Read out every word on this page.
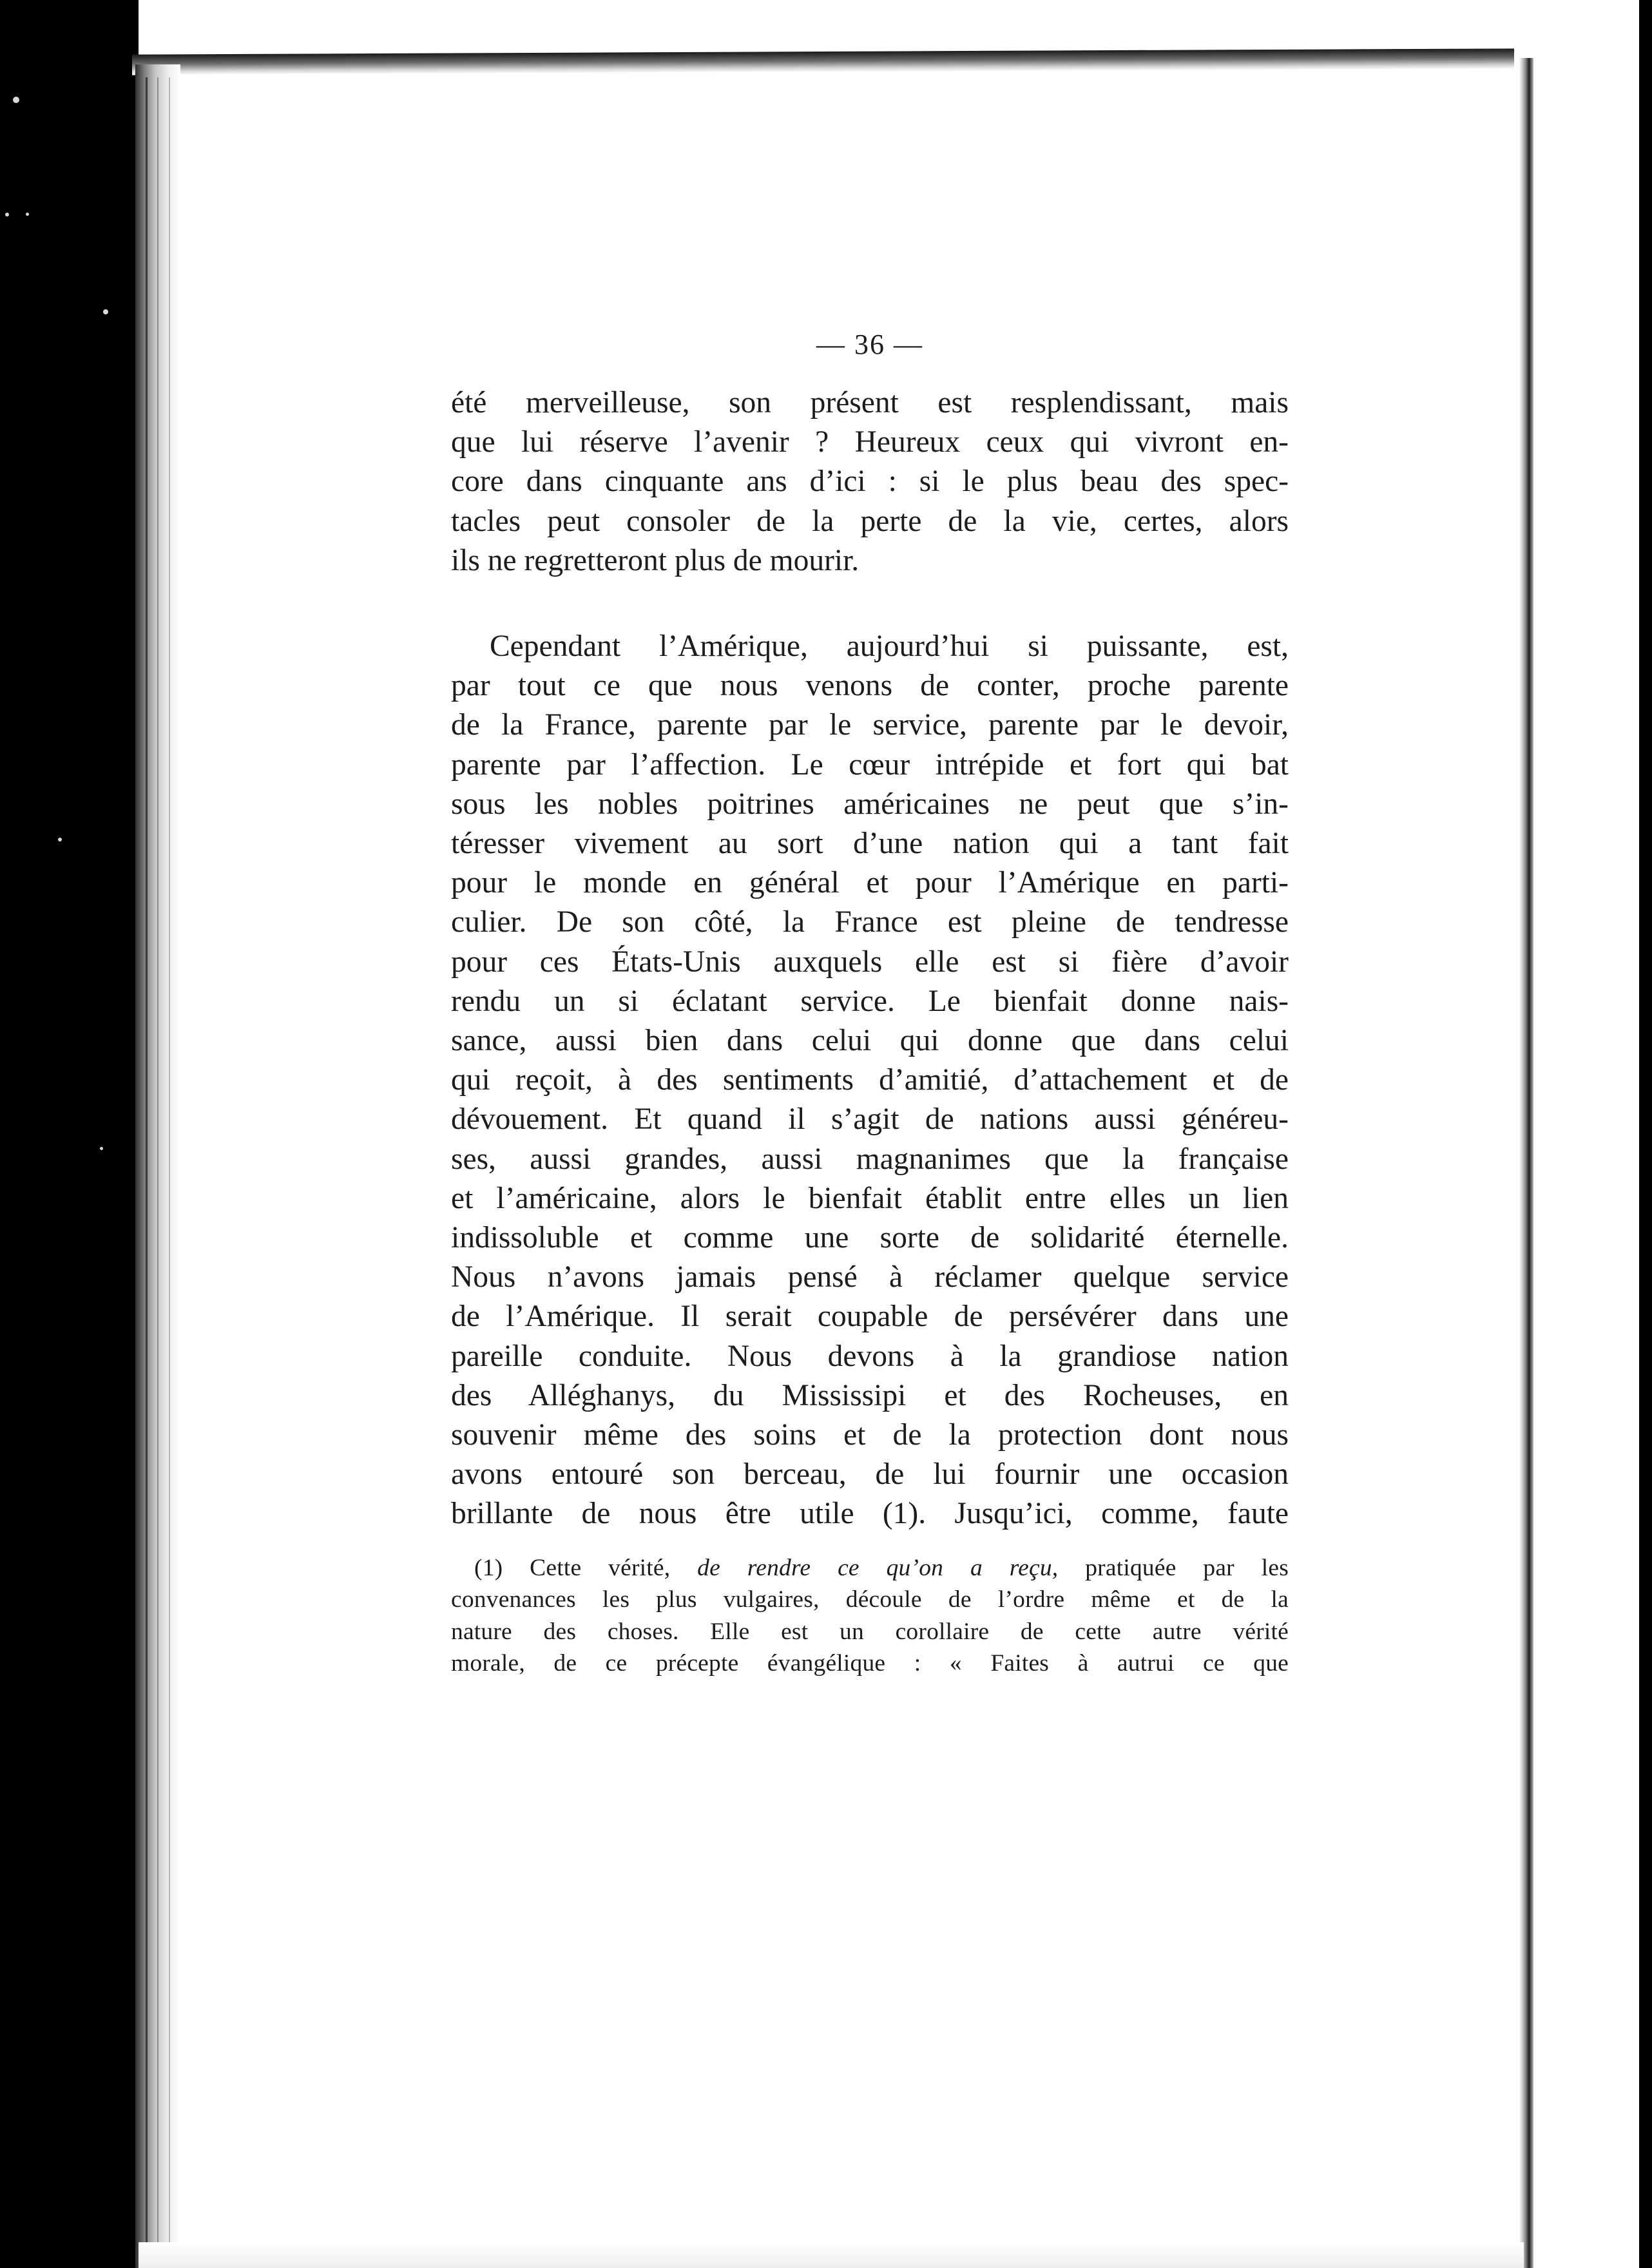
— 36 —
été merveilleuse, son présent est resplendissant, mais
que lui réserve l’avenir ? Heureux ceux qui vivront en-
core dans cinquante ans d’ici : si le plus beau des spec-
tacles peut consoler de la perte de la vie, certes, alors
ils ne regretteront plus de mourir.
Cependant l’Amérique, aujourd’hui si puissante, est,
par tout ce que nous venons de conter, proche parente
de la France, parente par le service, parente par le devoir,
parente par l’affection. Le cœur intrépide et fort qui bat
sous les nobles poitrines américaines ne peut que s’in-
téresser vivement au sort d’une nation qui a tant fait
pour le monde en général et pour l’Amérique en parti-
culier. De son côté, la France est pleine de tendresse
pour ces États-Unis auxquels elle est si fière d’avoir
rendu un si éclatant service. Le bienfait donne nais-
sance, aussi bien dans celui qui donne que dans celui
qui reçoit, à des sentiments d’amitié, d’attachement et de
dévouement. Et quand il s’agit de nations aussi généreu-
ses, aussi grandes, aussi magnanimes que la française
et l’américaine, alors le bienfait établit entre elles un lien
indissoluble et comme une sorte de solidarité éternelle.
Nous n’avons jamais pensé à réclamer quelque service
de l’Amérique. Il serait coupable de persévérer dans une
pareille conduite. Nous devons à la grandiose nation
des Alléghanys, du Mississipi et des Rocheuses, en
souvenir même des soins et de la protection dont nous
avons entouré son berceau, de lui fournir une occasion
brillante de nous être utile (1). Jusqu’ici, comme, faute
(1) Cette vérité, de rendre ce qu’on a reçu, pratiquée par les
convenances les plus vulgaires, découle de l’ordre même et de la
nature des choses. Elle est un corollaire de cette autre vérité
morale, de ce précepte évangélique : « Faites à autrui ce que
